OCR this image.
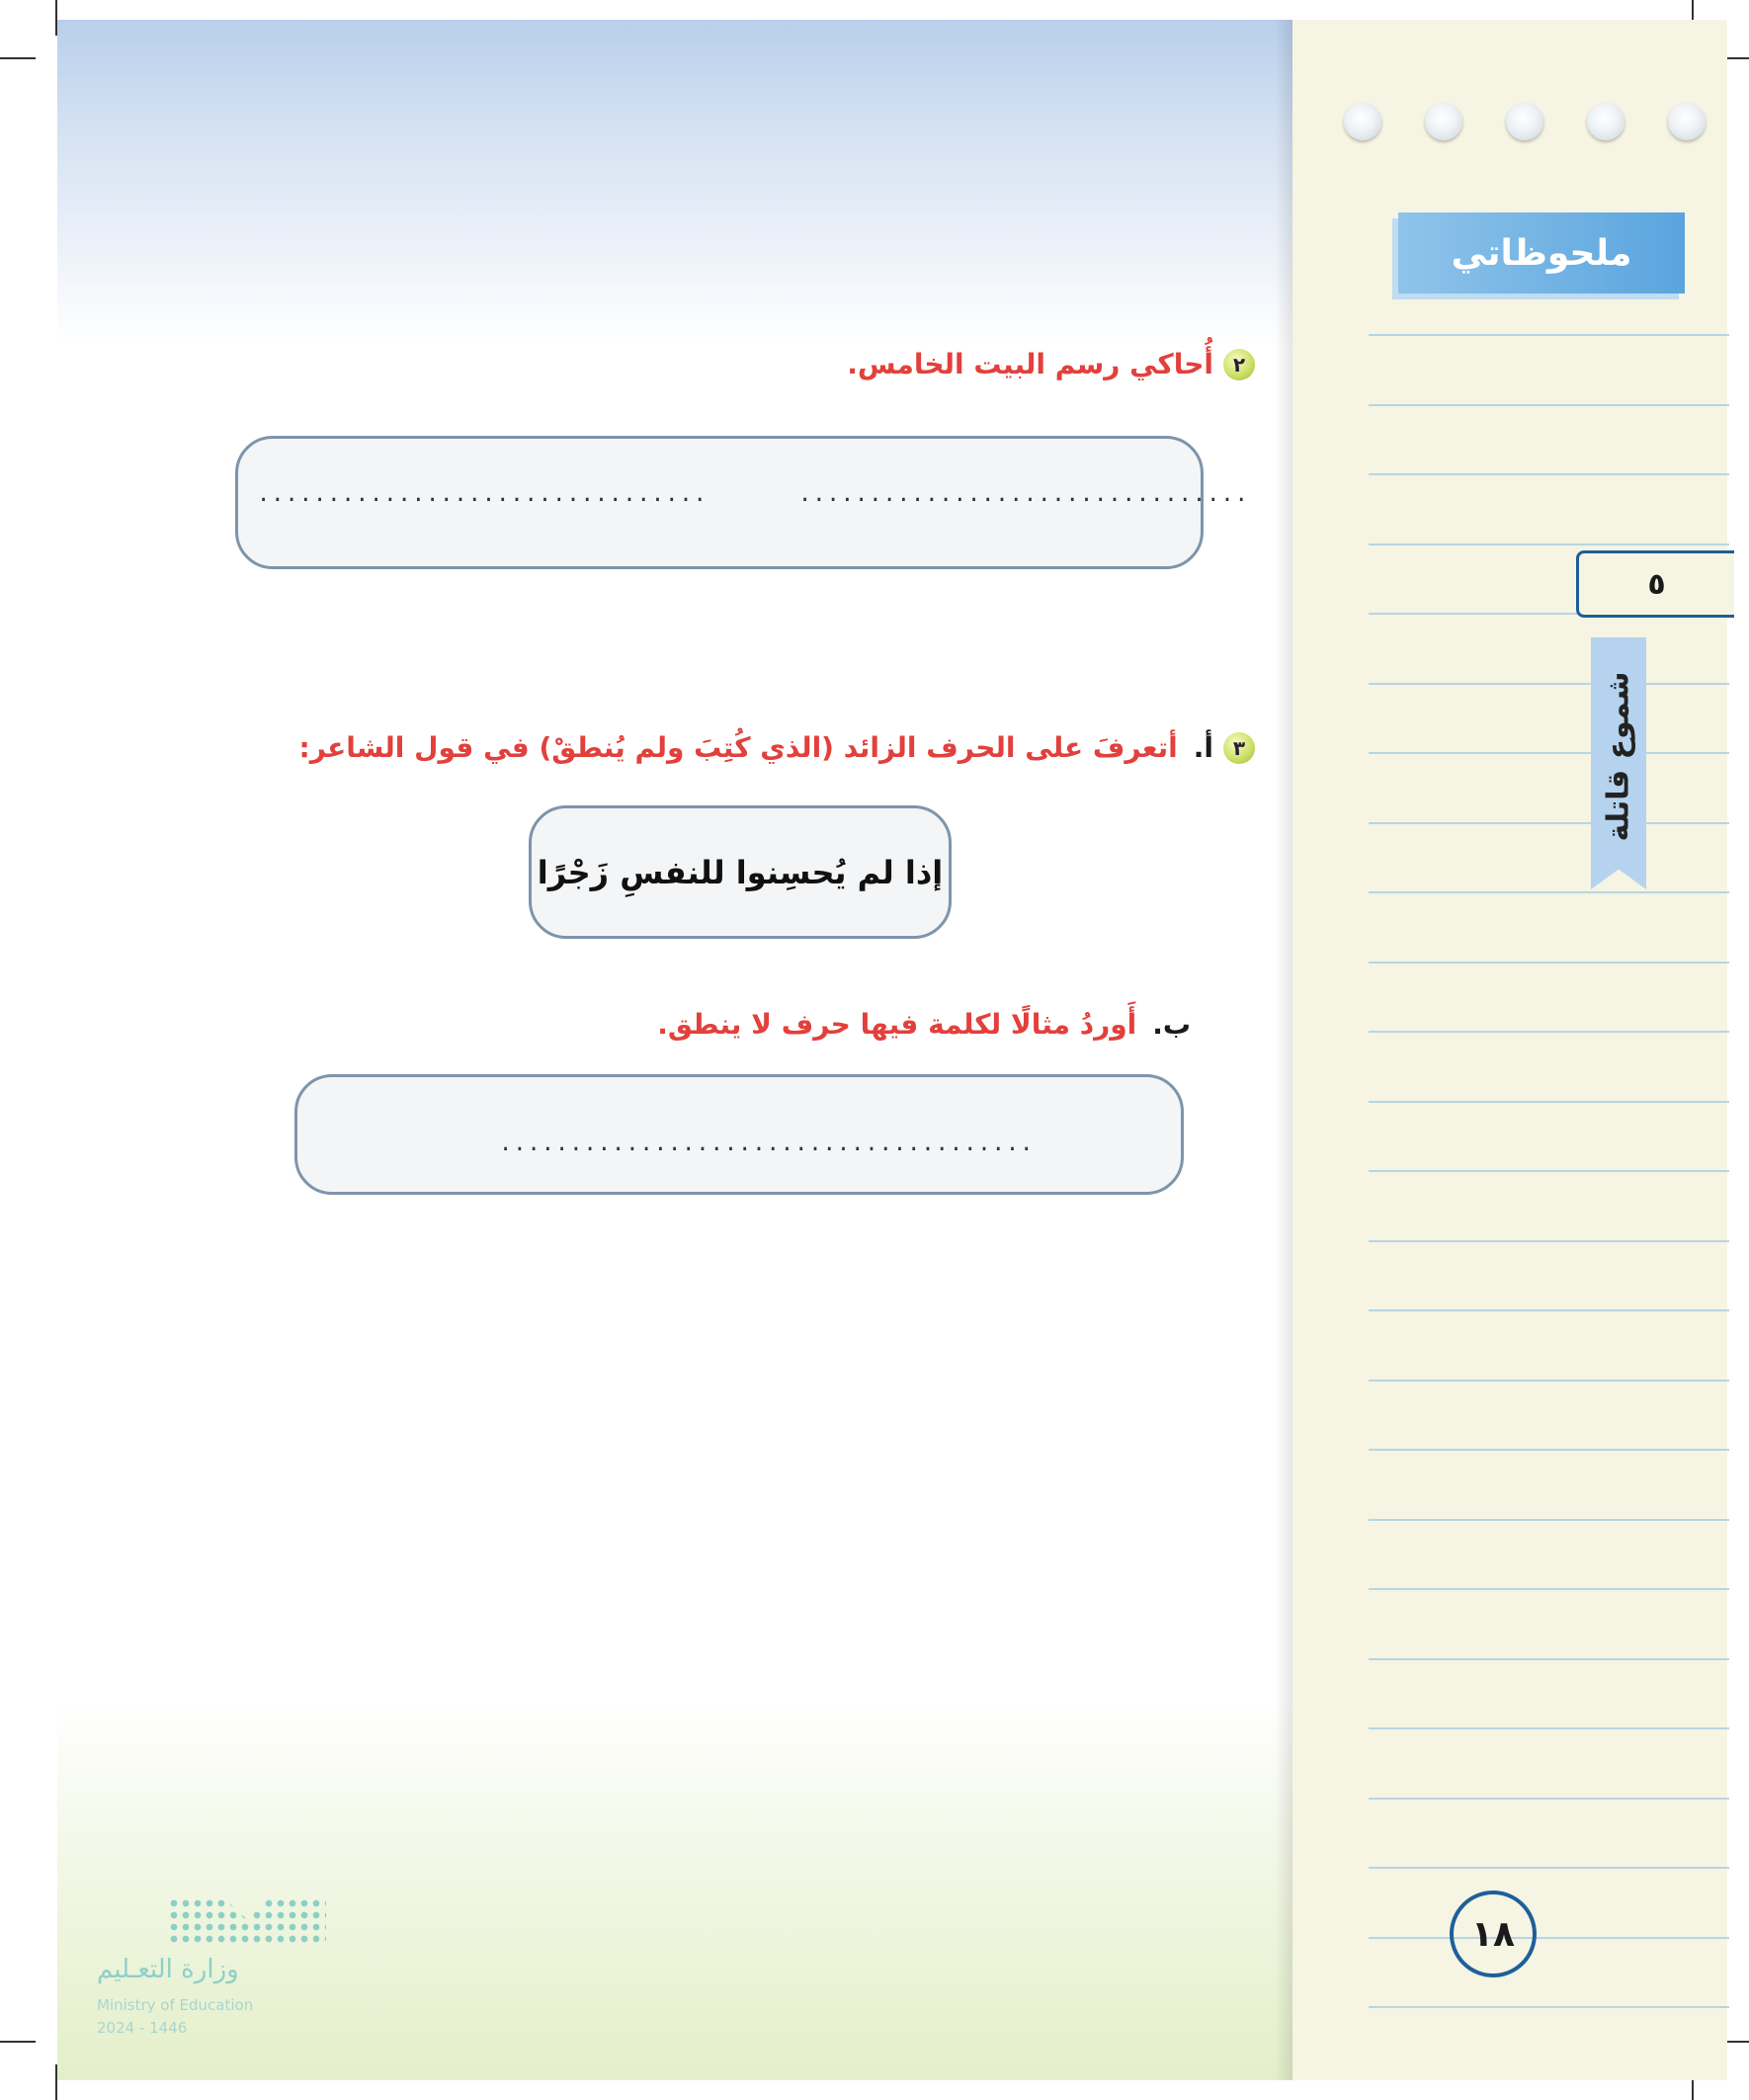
ملحوظاتي
٥
شموع قاتلة
١٨
٢
أُحاكي رسم البيت الخامس.
................................
................................
٣
أ.
أتعرفَ على الحرف الزائد (الذي كُتِبَ ولم يُنطقْ) في قول الشاعر:
إذا لم يُحسِنوا للنفسِ زَجْرًا
ب.
أَوردُ مثالًا لكلمة فيها حرف لا ينطق.
......................................
وزارة التعـليم
Ministry of Education
2024 - 1446
